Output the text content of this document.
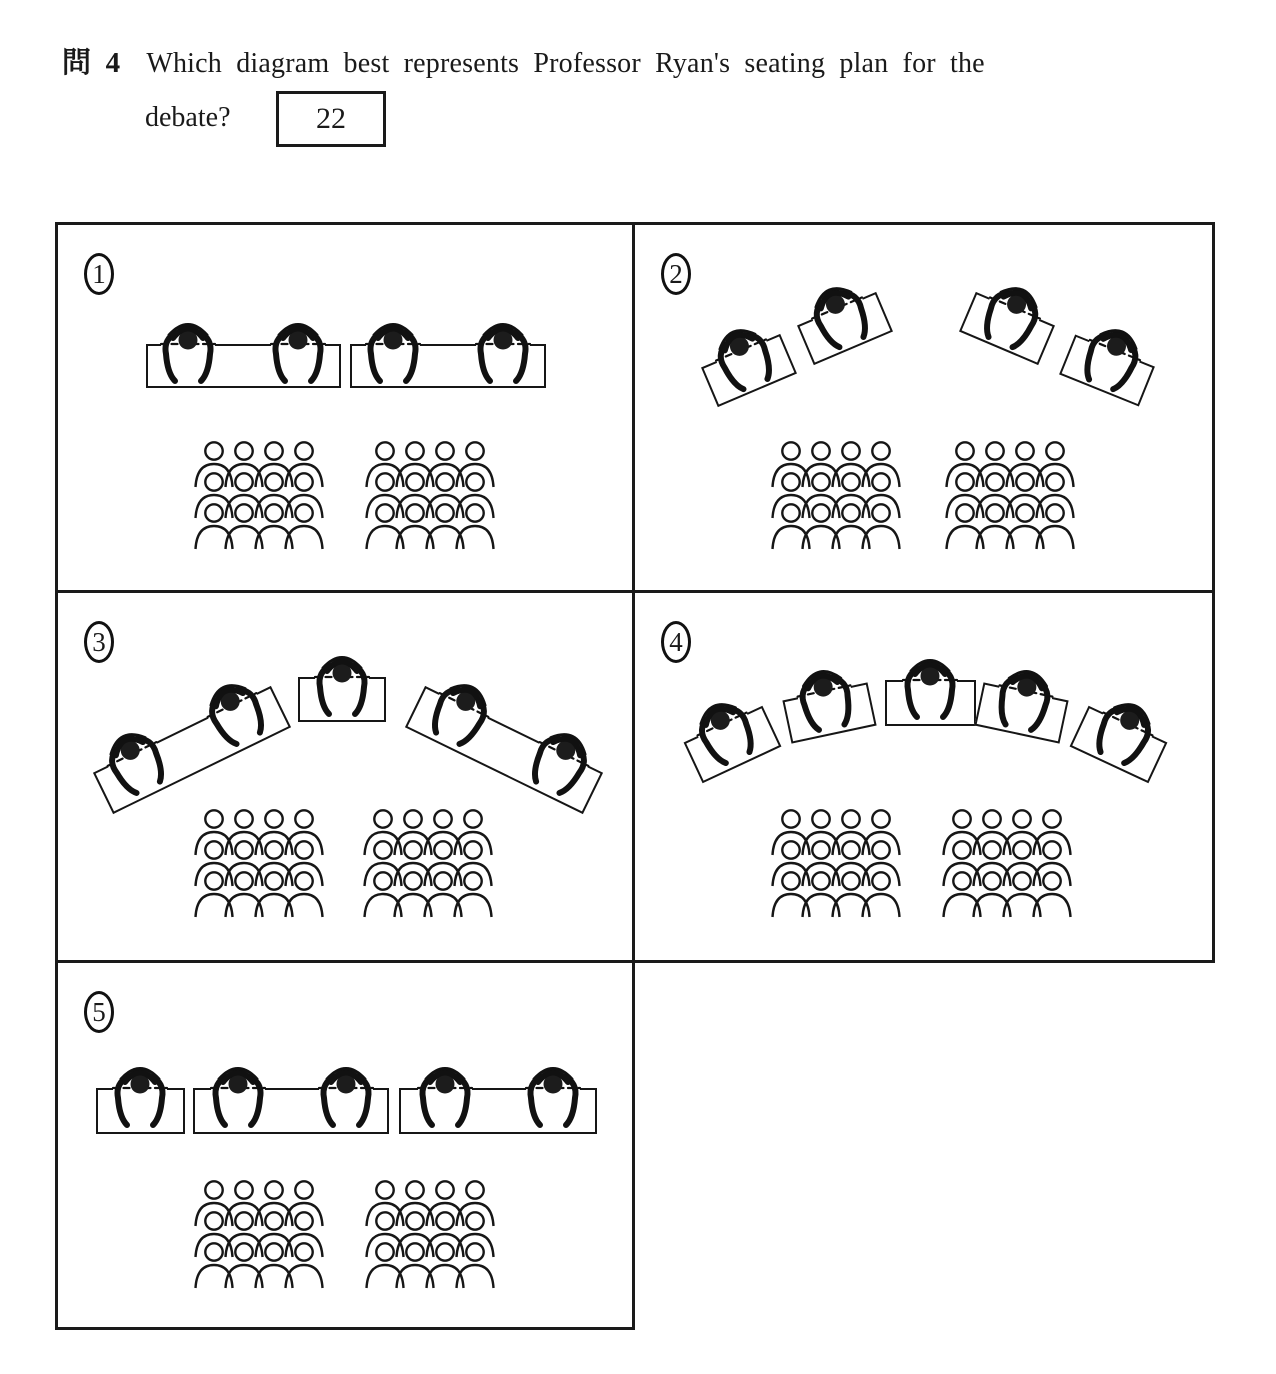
問 4 Which diagram best represents Professor Ryan's seating plan for the
debate?	22
1	2
3	4
5
